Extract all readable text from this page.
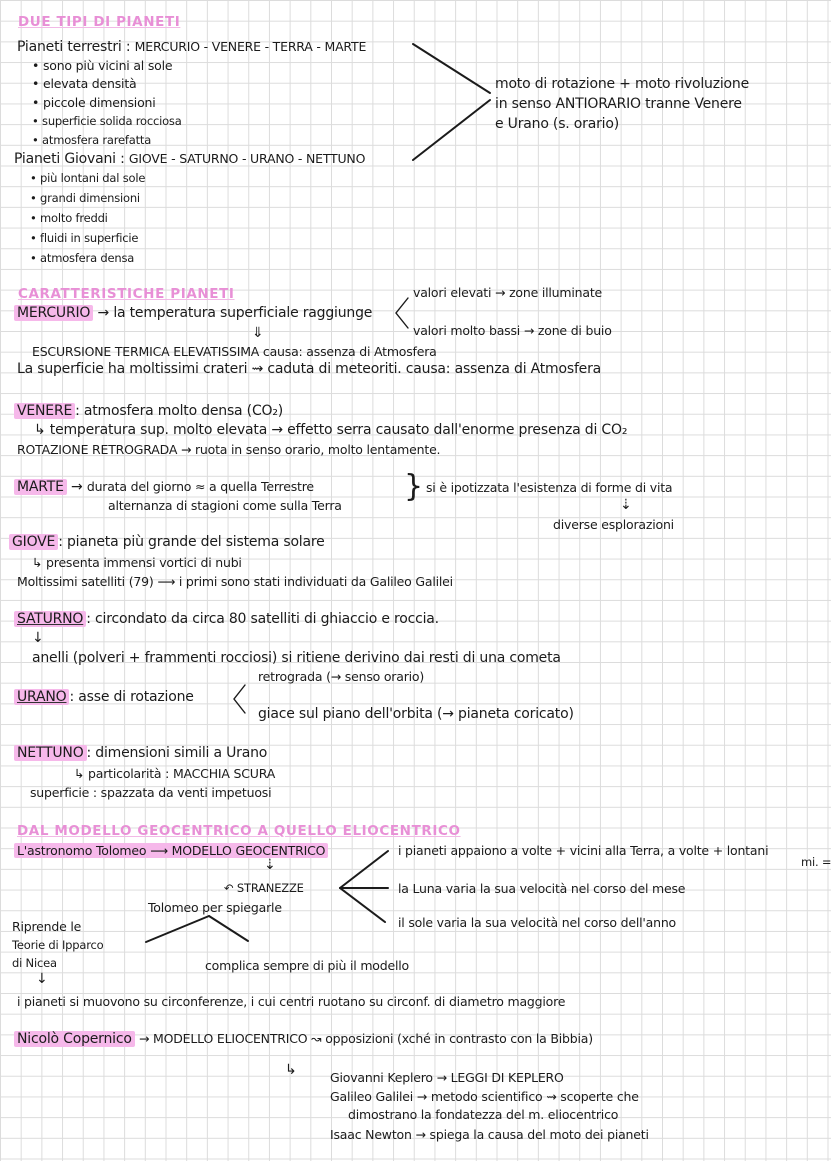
DUE TIPI DI PIANETI
Pianeti terrestri : MERCURIO - VENERE - TERRA - MARTE
• sono più vicini al sole
• elevata densità
• piccole dimensioni
• superficie solida rocciosa
• atmosfera rarefatta
Pianeti Giovani : GIOVE - SATURNO - URANO - NETTUNO
• più lontani dal sole
• grandi dimensioni
• molto freddi
• fluidi in superficie
• atmosfera densa
moto di rotazione + moto rivoluzione
in senso ANTIORARIO tranne Venere
e Urano (s. orario)
CARATTERISTICHE PIANETI
MERCURIO → la temperatura superficiale raggiunge
valori elevati → zone illuminate
valori molto bassi → zone di buio
⇓
ESCURSIONE TERMICA ELEVATISSIMA causa: assenza di Atmosfera
La superficie ha moltissimi crateri ⇝ caduta di meteoriti. causa: assenza di Atmosfera
VENERE : atmosfera molto densa (CO₂)
↳ temperatura sup. molto elevata → effetto serra causato dall'enorme presenza di CO₂
ROTAZIONE RETROGRADA → ruota in senso orario, molto lentamente.
MARTE → durata del giorno ≈ a quella Terrestre
alternanza di stagioni come sulla Terra
} si è ipotizzata l'esistenza di forme di vita
⇣
diverse esplorazioni
GIOVE : pianeta più grande del sistema solare
↳ presenta immensi vortici di nubi
Moltissimi satelliti (79) ⟶ i primi sono stati individuati da Galileo Galilei
SATURNO : circondato da circa 80 satelliti di ghiaccio e roccia.
↓
anelli (polveri + frammenti rocciosi) si ritiene derivino dai resti di una cometa
retrograda (→ senso orario)
URANO : asse di rotazione
giace sul piano dell'orbita (→ pianeta coricato)
NETTUNO : dimensioni simili a Urano
↳ particolarità : MACCHIA SCURA
superficie : spazzata da venti impetuosi
DAL MODELLO GEOCENTRICO A QUELLO ELIOCENTRICO
L'astronomo Tolomeo ⟶ MODELLO GEOCENTRICO
⇣
↶ STRANEZZE
Tolomeo per spiegarle
i pianeti appaiono a volte + vicini alla Terra, a volte + lontani
mi. =
la Luna varia la sua velocità nel corso del mese
il sole varia la sua velocità nel corso dell'anno
Riprende le
Teorie di Ipparco
di Nicea
↓
complica sempre di più il modello
i pianeti si muovono su circonferenze, i cui centri ruotano su circonf. di diametro maggiore
Nicolò Copernico → MODELLO ELIOCENTRICO ↝ opposizioni (xché in contrasto con la Bibbia)
↳	Giovanni Keplero → LEGGI DI KEPLERO
Galileo Galilei → metodo scientifico ⇝ scoperte che
dimostrano la fondatezza del m. eliocentrico
Isaac Newton → spiega la causa del moto dei pianeti
